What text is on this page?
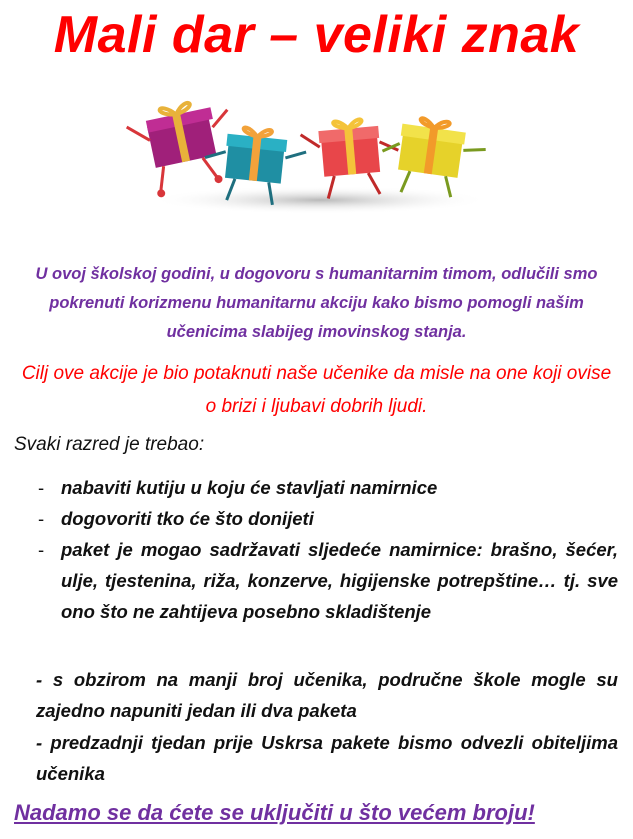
Mali dar – veliki znak
U ovoj školskoj godini, u dogovoru s humanitarnim timom, odlučili smo pokrenuti korizmenu humanitarnu akciju kako bismo pomogli našim učenicima slabijeg imovinskog stanja.
Cilj ove akcije je bio potaknuti naše učenike da misle na one koji ovise o brizi i ljubavi dobrih ljudi.
Svaki razred je trebao:
- nabaviti kutiju u koju će stavljati namirnice
- dogovoriti tko će što donijeti
- paket je mogao sadržavati sljedeće namirnice: brašno, šećer, ulje, tjestenina, riža, konzerve, higijenske potrepštine… tj. sve ono što ne zahtijeva posebno skladištenje
- s obzirom na manji broj učenika, područne škole mogle su zajedno napuniti jedan ili dva paketa
- predzadnji tjedan prije Uskrsa pakete bismo odvezli obiteljima učenika
Nadamo se da ćete se uključiti u što većem broju!
